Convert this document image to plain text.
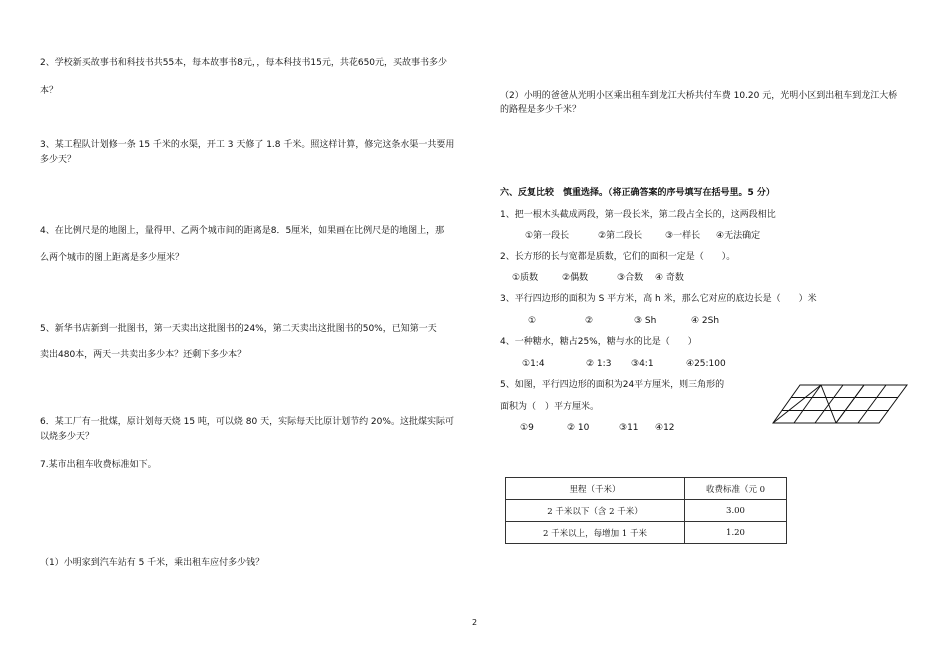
2、学校新买故事书和科技书共55本，每本故事书8元，，每本科技书15元，共花650元，买故事书多少
本？
3、某工程队计划修一条 15 千米的水渠，开工 3 天修了 1.8 千米。照这样计算，修完这条水渠一共要用
多少天？
4、在比例尺是的地图上，量得甲、乙两个城市间的距离是8．5厘米，如果画在比例尺是的地图上，那
么两个城市的图上距离是多少厘米？
5、新华书店新到一批图书，第一天卖出这批图书的24%，第二天卖出这批图书的50%，已知第一天
卖出480本，两天一共卖出多少本？还剩下多少本？
6．某工厂有一批煤，原计划每天烧 15 吨，可以烧 80 天，实际每天比原计划节约 20%。这批煤实际可
以烧多少天？
7.某市出租车收费标准如下。
（1）小明家到汽车站有 5 千米，乘出租车应付多少钱？
（2）小明的爸爸从光明小区乘出租车到龙江大桥共付车费 10.20 元，光明小区到出租车到龙江大桥
的路程是多少千米？
六、反复比较　慎重选择。（将正确答案的序号填写在括号里。5 分）
1、把一根木头截成两段，第一段长米，第二段占全长的，这两段相比
①第一段长	②第二段长	③一样长 ④无法确定
2、长方形的长与宽都是质数，它们的面积一定是（　　）。
①质数	②偶数	③合数 ④ 奇数
3、平行四边形的面积为 S 平方米，高 h 米，那么它对应的底边长是（　　）米
①	②	③ Sh	④ 2Sh
4、一种糖水，糖占25%，糖与水的比是（　　）
①1:4	② 1:3 ③4:1	④25:100
5、如图，平行四边形的面积为24平方厘米，则三角形的
面积为（　）平方厘米。
①9	② 10	③11 ④12
里程（千米）	收费标准（元 0
2 千米以下（含 2 千米）	3.00
2 千米以上，每增加 1 千米	1.20
2
